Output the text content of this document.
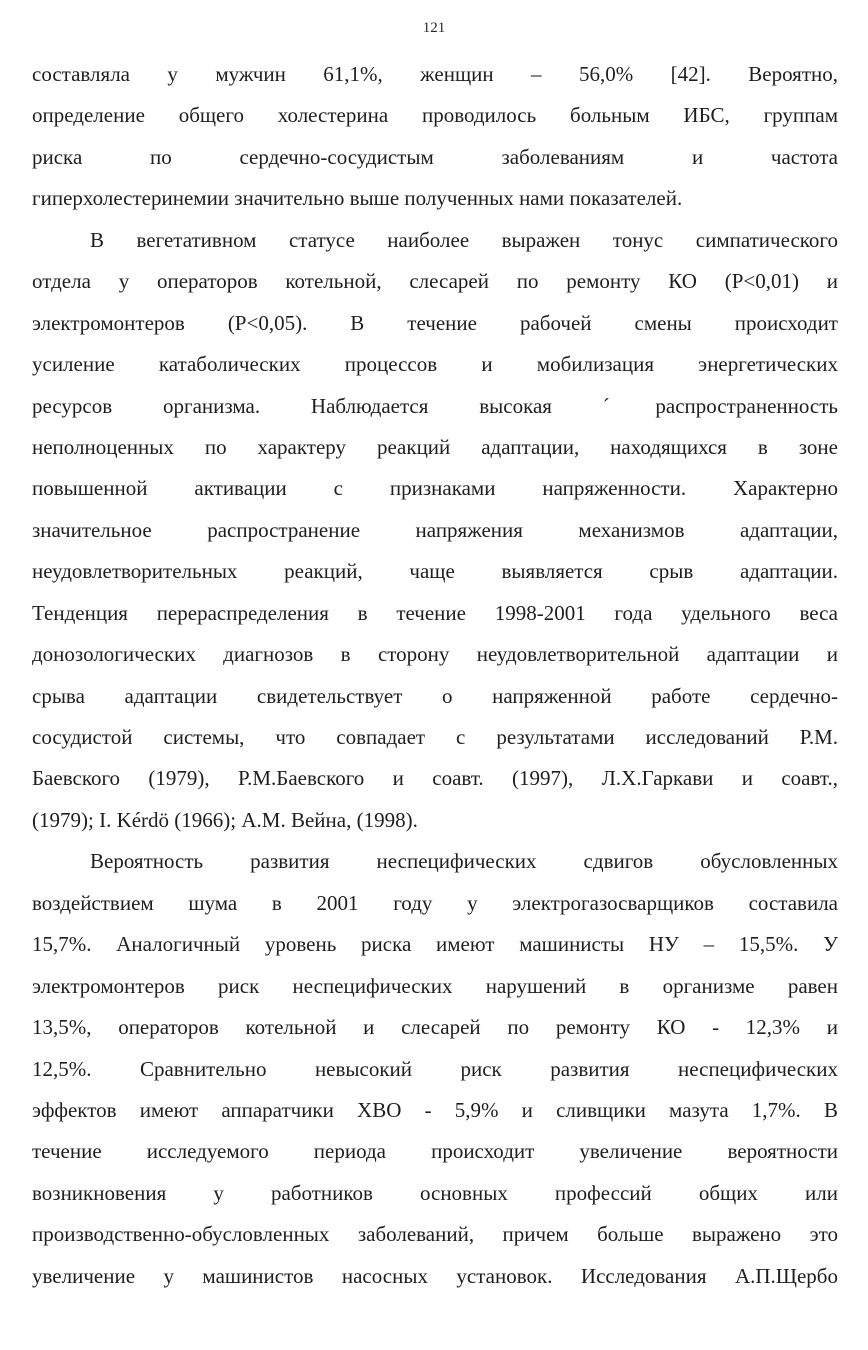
121
составляла у мужчин 61,1%, женщин – 56,0% [42]. Вероятно,
определение общего холестерина проводилось больным ИБС, группам
риска по сердечно-сосудистым заболеваниям и частота
гиперхолестеринемии значительно выше полученных нами показателей.
В вегетативном статусе наиболее выражен тонус симпатического
отдела у операторов котельной, слесарей по ремонту КО (Р<0,01) и
электромонтеров (Р<0,05). В течение рабочей смены происходит
усиление катаболических процессов и мобилизация энергетических
ресурсов организма. Наблюдается высокая ˊраспространенность
неполноценных по характеру реакций адаптации, находящихся в зоне
повышенной активации с признаками напряженности. Характерно
значительное распространение напряжения механизмов адаптации,
неудовлетворительных реакций, чаще выявляется срыв адаптации.
Тенденция перераспределения в течение 1998-2001 года удельного веса
донозологических диагнозов в сторону неудовлетворительной адаптации и
срыва адаптации свидетельствует о напряженной работе сердечно-
сосудистой системы, что совпадает с результатами исследований Р.М.
Баевского (1979), Р.М.Баевского и соавт. (1997), Л.Х.Гаркави и соавт.,
(1979); I. Kérdö (1966); А.М. Вейна, (1998).
Вероятность развития неспецифических сдвигов обусловленных
воздействием шума в 2001 году у электрогазосварщиков составила
15,7%. Аналогичный уровень риска имеют машинисты НУ – 15,5%. У
электромонтеров риск неспецифических нарушений в организме равен
13,5%, операторов котельной и слесарей по ремонту КО - 12,3% и
12,5%. Сравнительно невысокий риск развития неспецифических
эффектов имеют аппаратчики ХВО - 5,9% и сливщики мазута 1,7%. В
течение исследуемого периода происходит увеличение вероятности
возникновения у работников основных профессий общих или
производственно-обусловленных заболеваний, причем больше выражено это
увеличение у машинистов насосных установок. Исследования А.П.Щербо
